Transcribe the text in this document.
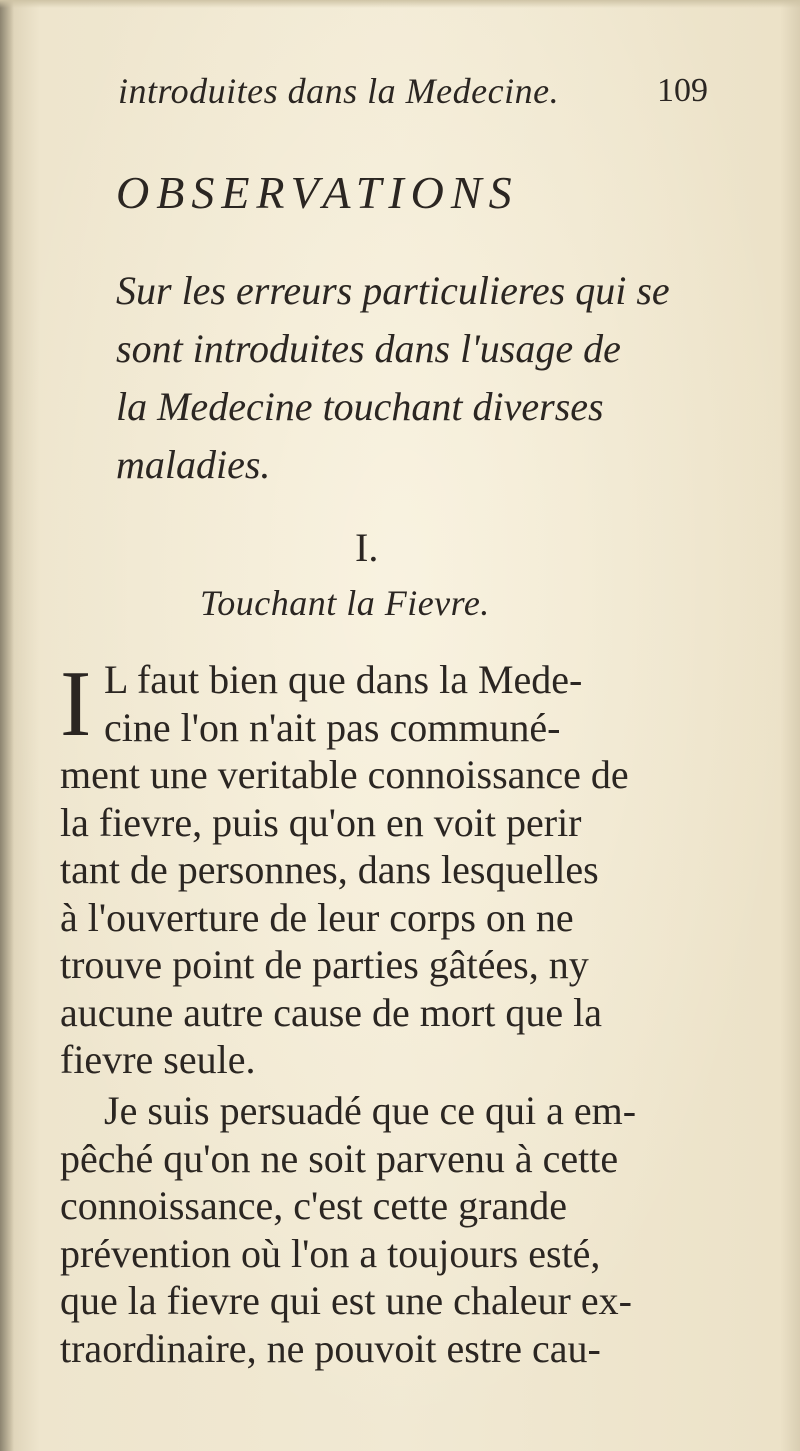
introduites dans la Medecine.	109
OBSERVATIONS
Sur les erreurs particulieres qui se
sont introduites dans l'usage de
la Medecine touchant diverses
maladies.
I.
Touchant la Fievre.
I L faut bien que dans la Mede-
cine l'on n'ait pas communé-
ment une veritable connoissance de
la fievre, puis qu'on en voit perir
tant de personnes, dans lesquelles
à l'ouverture de leur corps on ne
trouve point de parties gâtées, ny
aucune autre cause de mort que la
fievre seule.
Je suis persuadé que ce qui a em-
pêché qu'on ne soit parvenu à cette
connoissance, c'est cette grande
prévention où l'on a toujours esté,
que la fievre qui est une chaleur ex-
traordinaire, ne pouvoit estre cau-
